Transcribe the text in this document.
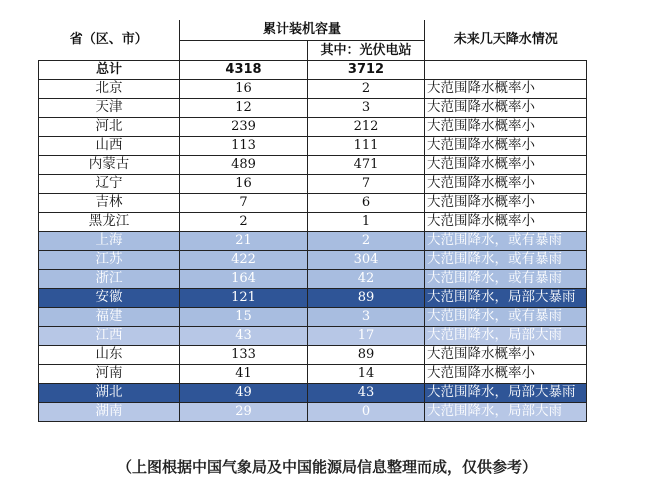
省（区、市）	累计装机容量		未来几天降水情况
		其中：光伏电站	
总计	4318	3712	
北京	16	2	大范围降水概率小
天津	12	3	大范围降水概率小
河北	239	212	大范围降水概率小
山西	113	111	大范围降水概率小
内蒙古	489	471	大范围降水概率小
辽宁	16	7	大范围降水概率小
吉林	7	6	大范围降水概率小
黑龙江	2	1	大范围降水概率小
上海	21	2	大范围降水，或有暴雨
江苏	422	304	大范围降水，或有暴雨
浙江	164	42	大范围降水，或有暴雨
安徽	121	89	大范围降水，局部大暴雨
福建	15	3	大范围降水，或有暴雨
江西	43	17	大范围降水，局部大雨
山东	133	89	大范围降水概率小
河南	41	14	大范围降水概率小
湖北	49	43	大范围降水，局部大暴雨
湖南	29	0	大范围降水，局部大雨
（上图根据中国气象局及中国能源局信息整理而成，仅供参考）
